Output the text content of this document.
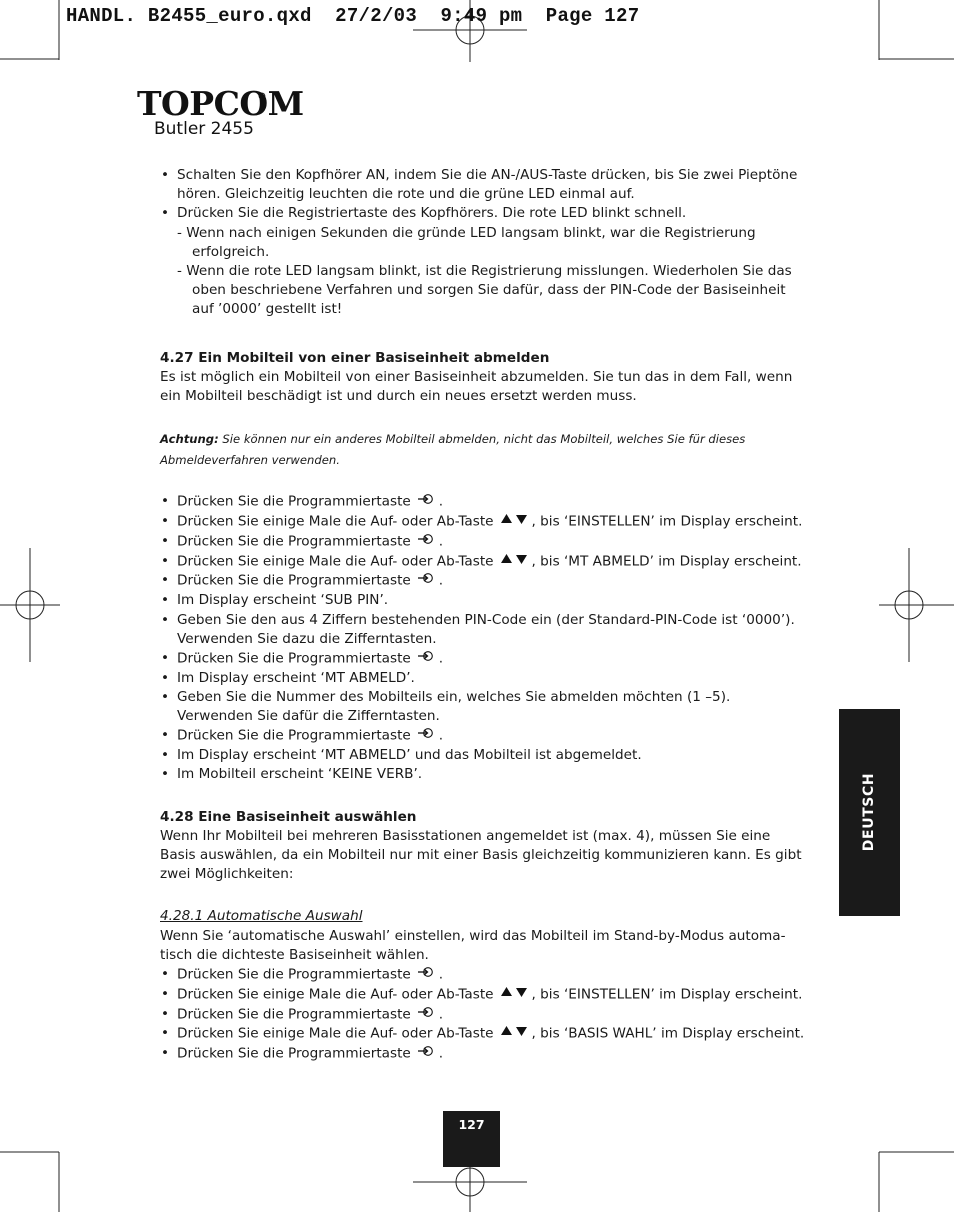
HANDL. B2455_euro.qxd  27/2/03  9:49 pm  Page 127
TOPCOM
Butler 2455

• Schalten Sie den Kopfhörer AN, indem Sie die AN-/AUS-Taste drücken, bis Sie zwei Pieptöne hören. Gleichzeitig leuchten die rote und die grüne LED einmal auf.

• Drücken Sie die Registriertaste des Kopfhörers. Die rote LED blinkt schnell.

- Wenn nach einigen Sekunden die gründe LED langsam blinkt, war die Registrierung erfolgreich.

- Wenn die rote LED langsam blinkt, ist die Registrierung misslungen. Wiederholen Sie das oben beschriebene Verfahren und sorgen Sie dafür, dass der PIN-Code der Basiseinheit auf ’0000’ gestellt ist!

4.27 Ein Mobilteil von einer Basiseinheit abmelden

Es ist möglich ein Mobilteil von einer Basiseinheit abzumelden. Sie tun das in dem Fall, wenn ein Mobilteil beschädigt ist und durch ein neues ersetzt werden muss.

Achtung: Sie können nur ein anderes Mobilteil abmelden, nicht das Mobilteil, welches Sie für dieses Abmeldeverfahren verwenden.

• Drücken Sie die Programmiertaste .

• Drücken Sie einige Male die Auf- oder Ab-Taste	, bis ‘EINSTELLEN’ im Display erscheint.

• Drücken Sie die Programmiertaste .

• Drücken Sie einige Male die Auf- oder Ab-Taste	, bis ‘MT ABMELD’ im Display erscheint.

• Drücken Sie die Programmiertaste .

• Im Display erscheint ‘SUB PIN’.

• Geben Sie den aus 4 Ziffern bestehenden PIN-Code ein (der Standard-PIN-Code ist ‘0000’). Verwenden Sie dazu die Zifferntasten.

• Drücken Sie die Programmiertaste .

• Im Display erscheint ‘MT ABMELD’.

• Geben Sie die Nummer des Mobilteils ein, welches Sie abmelden möchten (1 –5). Verwenden Sie dafür die Zifferntasten.

• Drücken Sie die Programmiertaste .

• Im Display erscheint ‘MT ABMELD’ und das Mobilteil ist abgemeldet.

• Im Mobilteil erscheint ‘KEINE VERB’.

4.28 Eine Basiseinheit auswählen

Wenn Ihr Mobilteil bei mehreren Basisstationen angemeldet ist (max. 4), müssen Sie eine Basis auswählen, da ein Mobilteil nur mit einer Basis gleichzeitig kommunizieren kann. Es gibt zwei Möglichkeiten:

4.28.1 Automatische Auswahl

Wenn Sie ‘automatische Auswahl’ einstellen, wird das Mobilteil im Stand-by-Modus automa-tisch die dichteste Basiseinheit wählen.

• Drücken Sie die Programmiertaste .

• Drücken Sie einige Male die Auf- oder Ab-Taste	, bis ‘EINSTELLEN’ im Display erscheint.

• Drücken Sie die Programmiertaste .

• Drücken Sie einige Male die Auf- oder Ab-Taste	, bis ‘BASIS WAHL’ im Display erscheint.

• Drücken Sie die Programmiertaste .

DEUTSCH
127
